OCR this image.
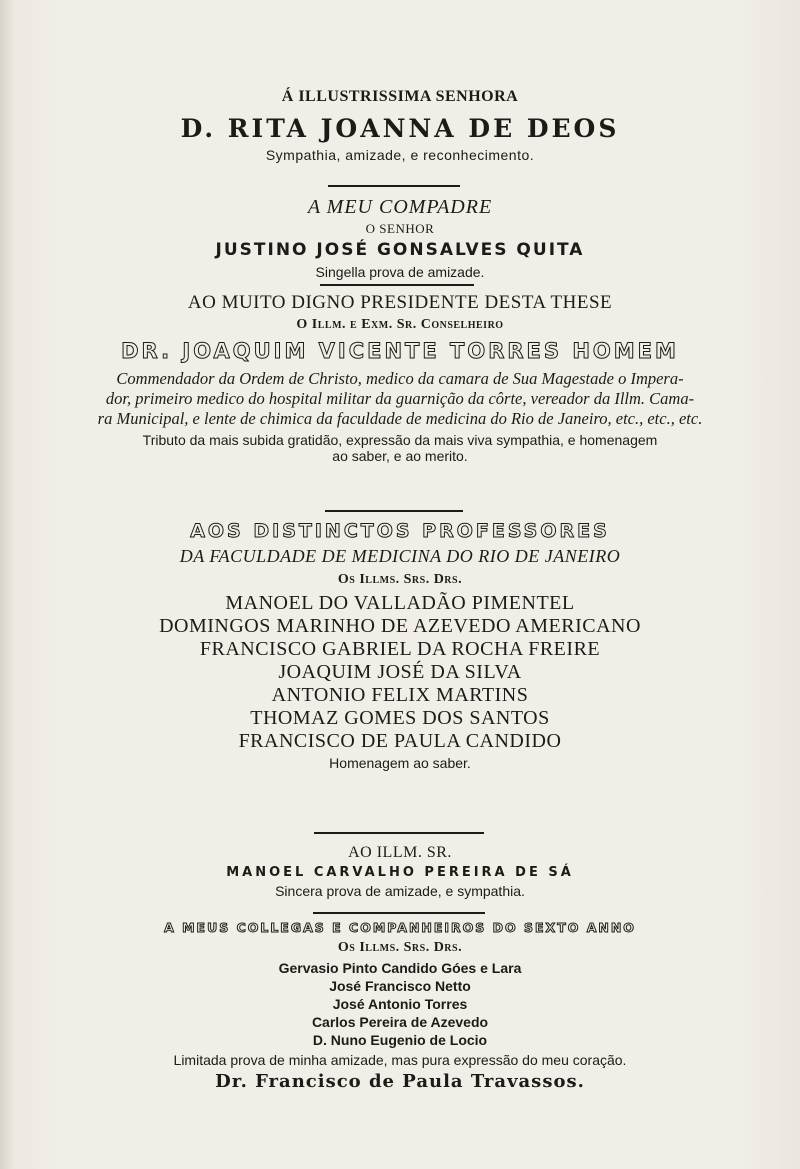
Á ILLUSTRISSIMA SENHORA
D. RITA JOANNA DE DEOS
Sympathia, amizade, e reconhecimento.
A MEU COMPADRE
O SENHOR
JUSTINO JOSÉ GONSALVES QUITA
Singella prova de amizade.
AO MUITO DIGNO PRESIDENTE DESTA THESE
O Illm. e Exm. Sr. Conselheiro
DR. JOAQUIM VICENTE TORRES HOMEM
Commendador da Ordem de Christo, medico da camara de Sua Magestade o Impera-
dor, primeiro medico do hospital militar da guarnição da côrte, vereador da Illm. Cama-
ra Municipal, e lente de chimica da faculdade de medicina do Rio de Janeiro, etc., etc., etc.
Tributo da mais subida gratidão, expressão da mais viva sympathia, e homenagem
ao saber, e ao merito.
AOS DISTINCTOS PROFESSORES
DA FACULDADE DE MEDICINA DO RIO DE JANEIRO
Os Illms. Srs. Drs.
MANOEL DO VALLADÃO PIMENTEL
DOMINGOS MARINHO DE AZEVEDO AMERICANO
FRANCISCO GABRIEL DA ROCHA FREIRE
JOAQUIM JOSÉ DA SILVA
ANTONIO FELIX MARTINS
THOMAZ GOMES DOS SANTOS
FRANCISCO DE PAULA CANDIDO
Homenagem ao saber.
AO ILLM. SR.
MANOEL CARVALHO PEREIRA DE SÁ
Sincera prova de amizade, e sympathia.
A MEUS COLLEGAS E COMPANHEIROS DO SEXTO ANNO
Os Illms. Srs. Drs.
Gervasio Pinto Candido Góes e Lara
José Francisco Netto
José Antonio Torres
Carlos Pereira de Azevedo
D. Nuno Eugenio de Locio
Limitada prova de minha amizade, mas pura expressão do meu coração.
Dr. Francisco de Paula Travassos.
